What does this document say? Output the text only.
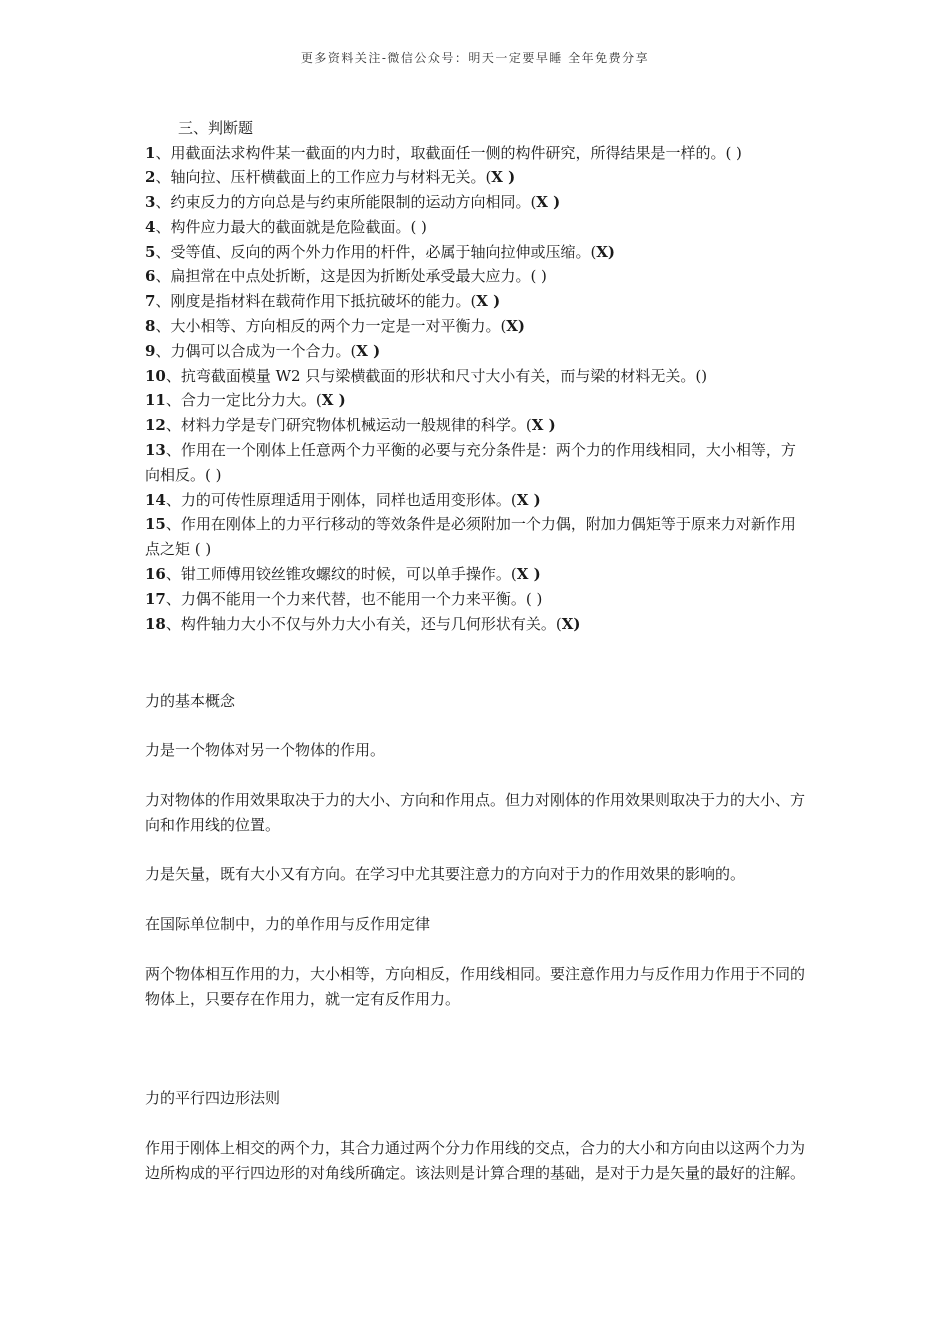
更多资料关注-微信公众号：明天一定要早睡 全年免费分享

三、判断题

1、用截面法求构件某一截面的内力时，取截面任一侧的构件研究，所得结果是一样的。( )

2、轴向拉、压杆横截面上的工作应力与材料无关。(X )

3、约束反力的方向总是与约束所能限制的运动方向相同。(X )

4、构件应力最大的截面就是危险截面。( )

5、受等值、反向的两个外力作用的杆件，必属于轴向拉伸或压缩。(X)

6、扁担常在中点处折断，这是因为折断处承受最大应力。( )

7、刚度是指材料在载荷作用下抵抗破坏的能力。(X )

8、大小相等、方向相反的两个力一定是一对平衡力。(X)

9、力偶可以合成为一个合力。(X )

10、抗弯截面模量 W2 只与梁横截面的形状和尺寸大小有关，而与梁的材料无关。()

11、合力一定比分力大。(X )

12、材料力学是专门研究物体机械运动一般规律的科学。(X )

13、作用在一个刚体上任意两个力平衡的必要与充分条件是：两个力的作用线相同，大小相等，方向相反。( )

14、力的可传性原理适用于刚体，同样也适用变形体。(X )

15、作用在刚体上的力平行移动的等效条件是必须附加一个力偶，附加力偶矩等于原来力对新作用点之矩 ( )

16、钳工师傅用铰丝锥攻螺纹的时候，可以单手操作。(X )

17、力偶不能用一个力来代替，也不能用一个力来平衡。( )

18、构件轴力大小不仅与外力大小有关，还与几何形状有关。(X)

力的基本概念

力是一个物体对另一个物体的作用。

力对物体的作用效果取决于力的大小、方向和作用点。但力对刚体的作用效果则取决于力的大小、方向和作用线的位置。

力是矢量，既有大小又有方向。在学习中尤其要注意力的方向对于力的作用效果的影响的。

在国际单位制中，力的单作用与反作用定律

两个物体相互作用的力，大小相等，方向相反，作用线相同。要注意作用力与反作用力作用于不同的物体上，只要存在作用力，就一定有反作用力。

力的平行四边形法则

作用于刚体上相交的两个力，其合力通过两个分力作用线的交点，合力的大小和方向由以这两个力为边所构成的平行四边形的对角线所确定。该法则是计算合理的基础，是对于力是矢量的最好的注解。
